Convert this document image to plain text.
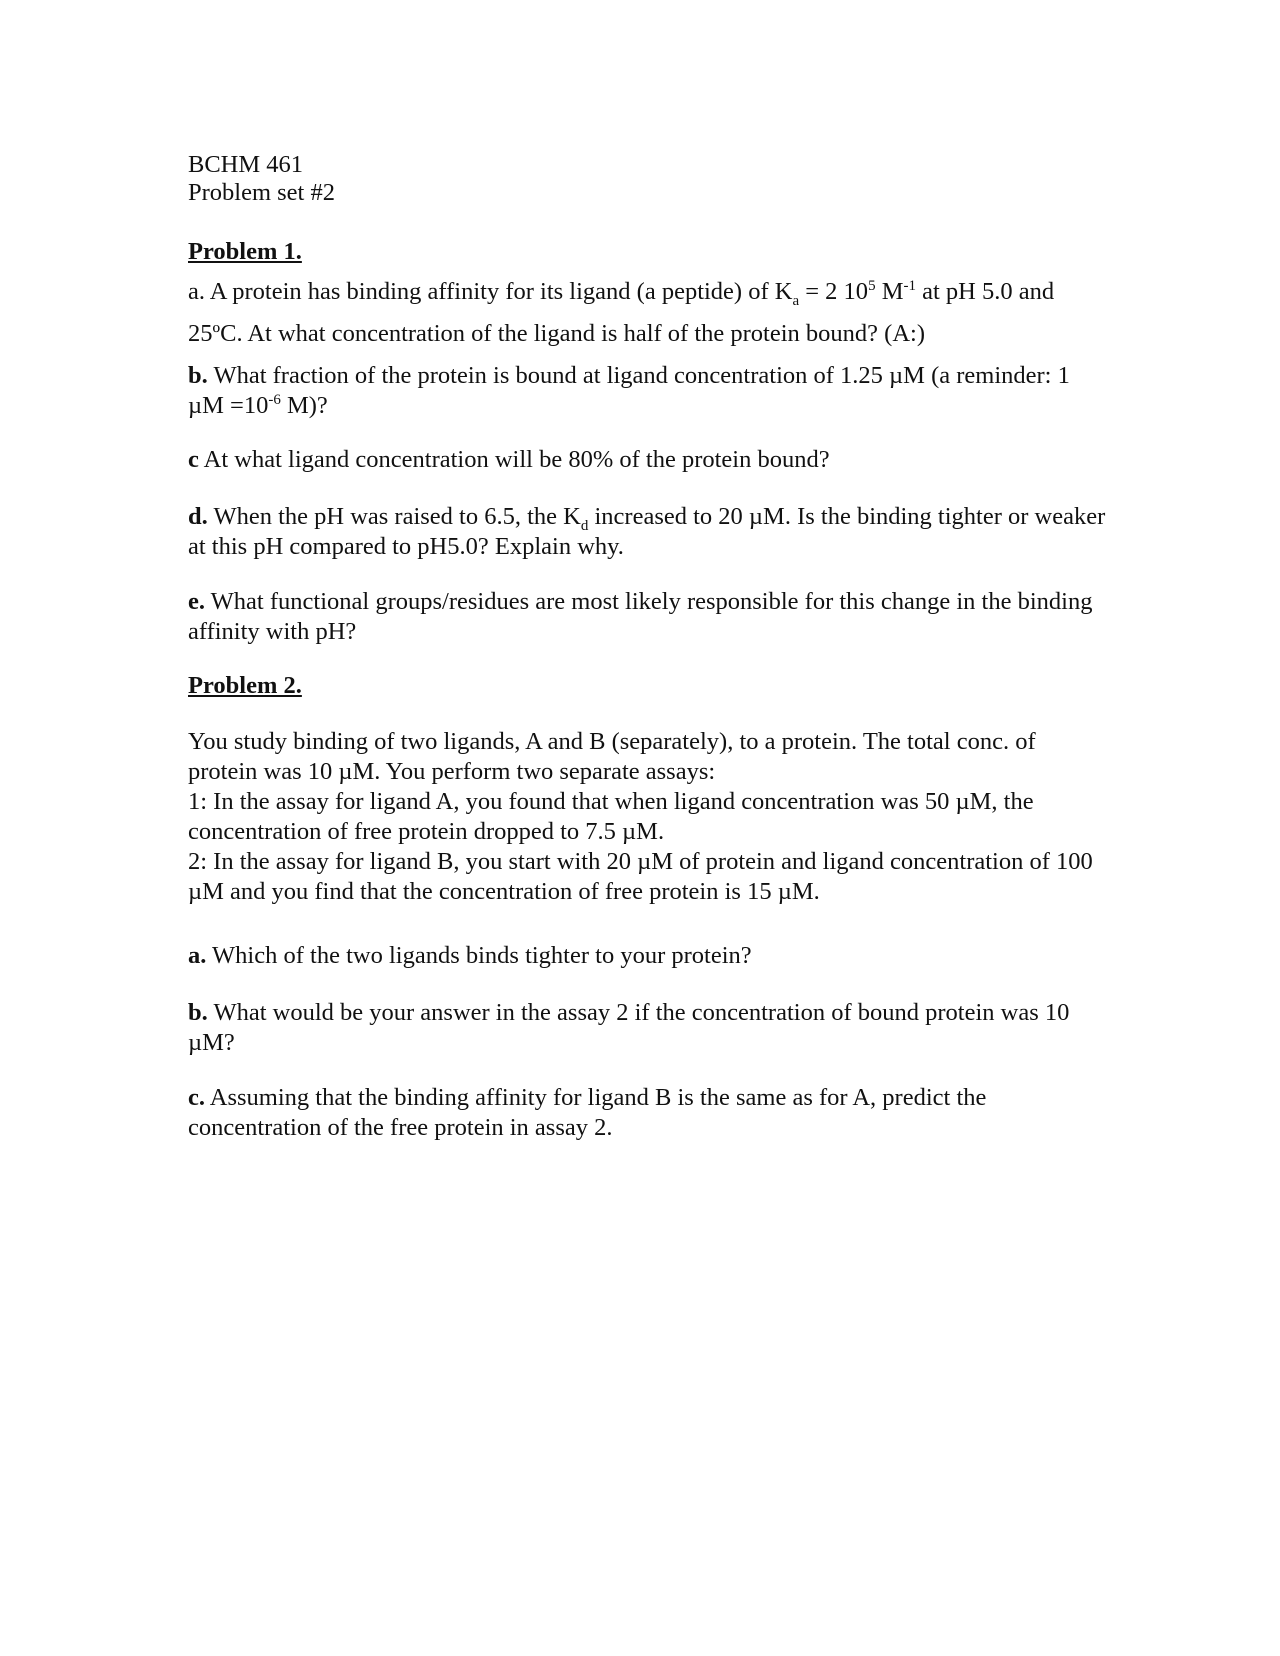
BCHM 461
Problem set #2
Problem 1.
a. A protein has binding affinity for its ligand (a peptide) of $K_a = 2$ $10^5$ $M^{-1}$ at pH 5.0 and
25ºC. At what concentration of the ligand is half of the protein bound? (A:)
b. What fraction of the protein is bound at ligand concentration of 1.25 µM (a reminder: 1 $\mu M =10^{-6}$ M)?
c At what ligand concentration will be 80% of the protein bound?
d. When the pH was raised to 6.5, the $K_d$ increased to 20 µM. Is the binding tighter or weaker at this pH compared to pH5.0? Explain why.
e. What functional groups/residues are most likely responsible for this change in the binding affinity with pH?
Problem 2.
You study binding of two ligands, A and B (separately), to a protein. The total conc. of protein was 10 µM. You perform two separate assays:
1: In the assay for ligand A, you found that when ligand concentration was 50 µM, the concentration of free protein dropped to 7.5 µM.
2: In the assay for ligand B, you start with 20 µM of protein and ligand concentration of 100 µM and you find that the concentration of free protein is 15 µM.
a. Which of the two ligands binds tighter to your protein?
b. What would be your answer in the assay 2 if the concentration of bound protein was 10 µM?
c. Assuming that the binding affinity for ligand B is the same as for A, predict the concentration of the free protein in assay 2.
